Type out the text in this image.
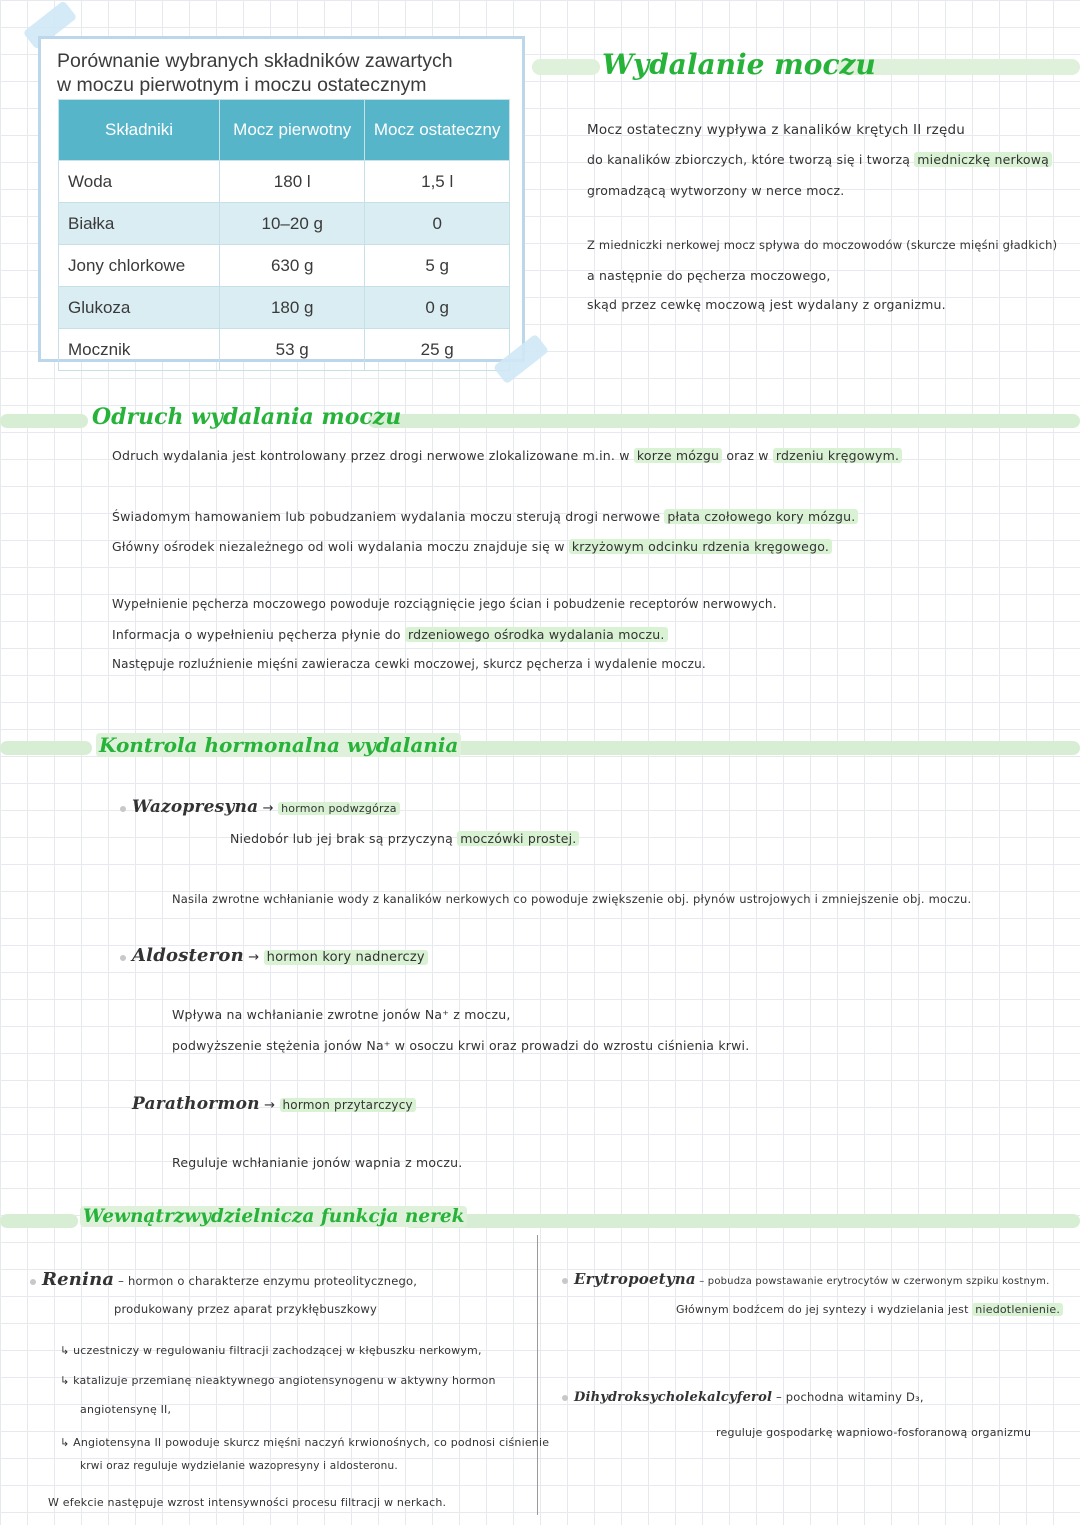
Porównanie wybranych składników zawartych
w moczu pierwotnym i moczu ostatecznym
Składniki	Mocz pierwotny	Mocz ostateczny
Woda	180 l	1,5 l
Białka	10–20 g	0
Jony chlorkowe	630 g	5 g
Glukoza	180 g	0 g
Mocznik	53 g	25 g
Wydalanie moczu
Mocz ostateczny wypływa z kanalików krętych II rzędu
do kanalików zbiorczych, które tworzą się i tworzą miedniczkę nerkową
gromadzącą wytworzony w nerce mocz.
Z miedniczki nerkowej mocz spływa do moczowodów (skurcze mięśni gładkich)
a następnie do pęcherza moczowego,
skąd przez cewkę moczową jest wydalany z organizmu.
Odruch wydalania moczu
Odruch wydalania jest kontrolowany przez drogi nerwowe zlokalizowane m.in. w korze mózgu oraz w rdzeniu kręgowym.
Świadomym hamowaniem lub pobudzaniem wydalania moczu sterują drogi nerwowe płata czołowego kory mózgu.
Główny ośrodek niezależnego od woli wydalania moczu znajduje się w krzyżowym odcinku rdzenia kręgowego.
Wypełnienie pęcherza moczowego powoduje rozciągnięcie jego ścian i pobudzenie receptorów nerwowych.
Informacja o wypełnieniu pęcherza płynie do rdzeniowego ośrodka wydalania moczu.
Następuje rozluźnienie mięśni zawieracza cewki moczowej, skurcz pęcherza i wydalenie moczu.
Kontrola hormonalna wydalania
Wazopresyna → hormon podwzgórza
Niedobór lub jej brak są przyczyną moczówki prostej.
Nasila zwrotne wchłanianie wody z kanalików nerkowych co powoduje zwiększenie obj. płynów ustrojowych i zmniejszenie obj. moczu.
Aldosteron → hormon kory nadnerczy
Wpływa na wchłanianie zwrotne jonów Na⁺ z moczu,
podwyższenie stężenia jonów Na⁺ w osoczu krwi oraz prowadzi do wzrostu ciśnienia krwi.
Parathormon → hormon przytarczycy
Reguluje wchłanianie jonów wapnia z moczu.
Wewnątrzwydzielnicza funkcja nerek
Renina – hormon o charakterze enzymu proteolitycznego,
produkowany przez aparat przykłębuszkowy
↳ uczestniczy w regulowaniu filtracji zachodzącej w kłębuszku nerkowym,
↳ katalizuje przemianę nieaktywnego angiotensynogenu w aktywny hormon
angiotensynę II,
↳ Angiotensyna II powoduje skurcz mięśni naczyń krwionośnych, co podnosi ciśnienie
krwi oraz reguluje wydzielanie wazopresyny i aldosteronu.
W efekcie następuje wzrost intensywności procesu filtracji w nerkach.
Erytropoetyna – pobudza powstawanie erytrocytów w czerwonym szpiku kostnym.
Głównym bodźcem do jej syntezy i wydzielania jest niedotlenienie.
Dihydroksycholekalcyferol – pochodna witaminy D₃,
reguluje gospodarkę wapniowo-fosforanową organizmu
